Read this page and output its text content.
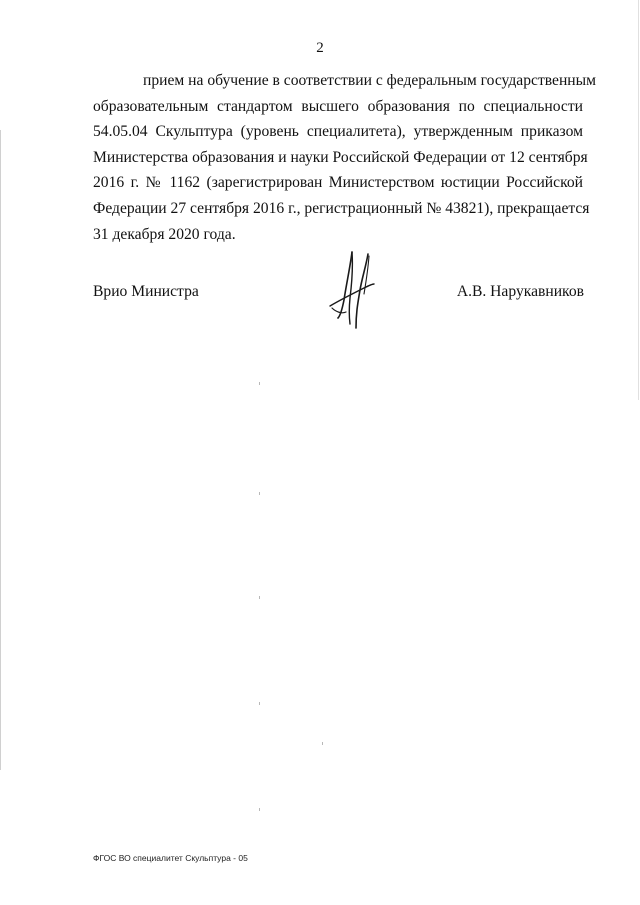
2
прием на обучение в соответствии с федеральным государственным
образовательным стандартом высшего образования по специальности
54.05.04 Скульптура (уровень специалитета), утвержденным приказом
Министерства образования и науки Российской Федерации от 12 сентября
2016 г. № 1162 (зарегистрирован Министерством юстиции Российской
Федерации 27 сентября 2016 г., регистрационный № 43821), прекращается
31 декабря 2020 года.
Врио Министра	А.В. Нарукавников
ФГОС ВО специалитет Скульптура - 05
